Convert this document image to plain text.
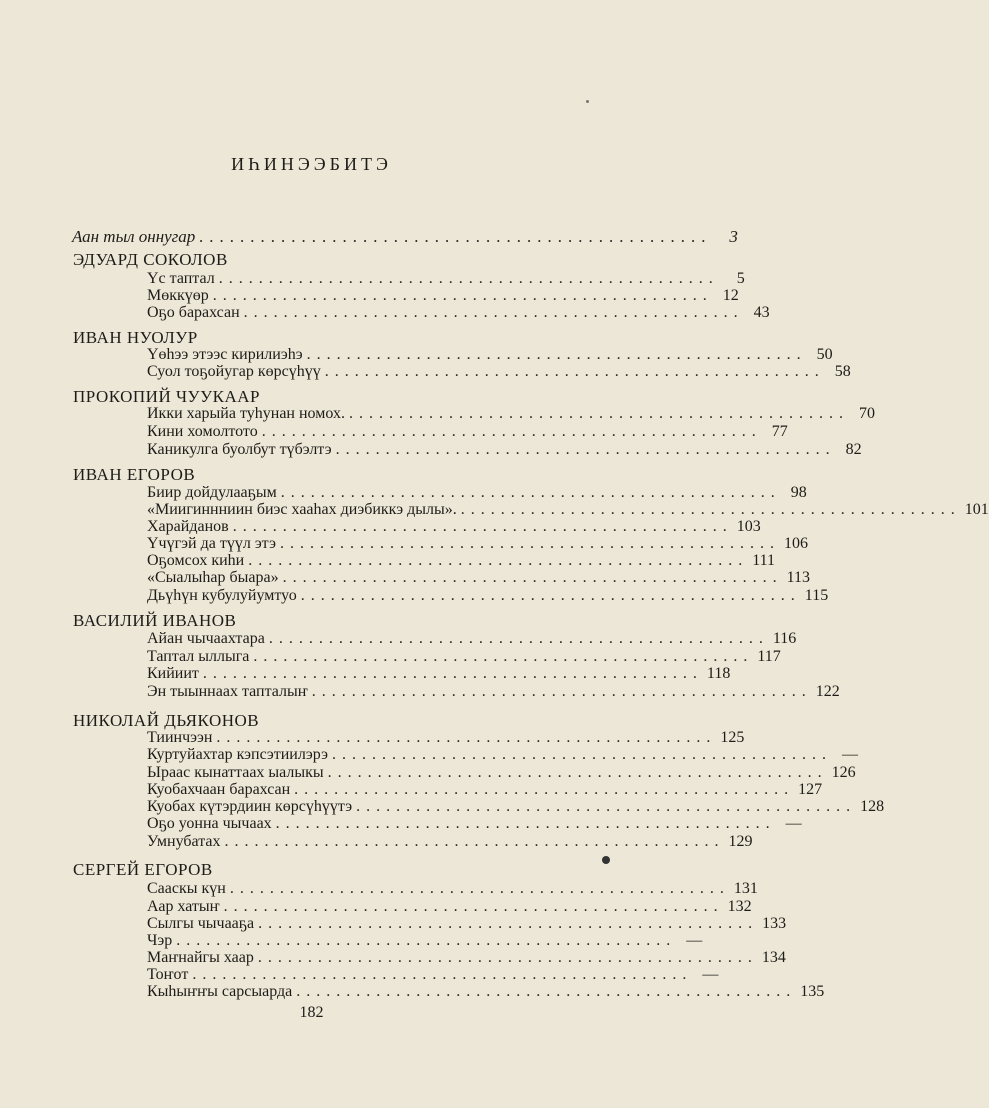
ИҺИНЭЭБИТЭ
Аан тыл оннугар ..................................................	3
ЭДУАРД СОКОЛОВ
Үс таптал ..................................................	5
Мөккүөр .................................................. 12
Оҕо барахсан .................................................. 43
ИВАН НУОЛУР
Үөһээ этээс кирилиэһэ .................................................. 50
Суол тоҕойугар көрсүһүү .................................................. 58
ПРОКОПИЙ ЧУУКААР
Икки харыйа туһунан номох. .................................................. 70
Кини хомолтото .................................................. 77
Каникулга буолбут түбэлтэ .................................................. 82
ИВАН ЕГОРОВ
Биир дойдулааҕым .................................................. 98
«Миигиннниин биэс хааһах диэбиккэ дылы». .................................................. 101
Харайданов .................................................. 103
Үчүгэй да түүл этэ .................................................. 106
Оҕомсох киһи .................................................. 111
«Сыалыһар быара» .................................................. 113
Дьүһүн кубулуйумтуо .................................................. 115
ВАСИЛИЙ ИВАНОВ
Айан чычаахтара .................................................. 116
Таптал ыллыга .................................................. 117
Кийиит .................................................. 118
Эн тыыннаах тапталыҥ .................................................. 122
НИКОЛАЙ ДЬЯКОНОВ
Тиинчээн .................................................. 125
Куртуйахтар кэпсэтиилэрэ .................................................. —
Ыраас кынаттаах ыалыкы .................................................. 126
Куобахчаан барахсан .................................................. 127
Куобах күтэрдиин көрсүһүүтэ .................................................. 128
Оҕо уонна чычаах .................................................. —
Умнубатах .................................................. 129
СЕРГЕЙ ЕГОРОВ
Сааскы күн .................................................. 131
Аар хатыҥ .................................................. 132
Сылгы чычааҕа .................................................. 133
Чэр .................................................. —
Маҥнайгы хаар .................................................. 134
Тоҥот .................................................. —
Кыһыҥҥы сарсыарда .................................................. 135
182
